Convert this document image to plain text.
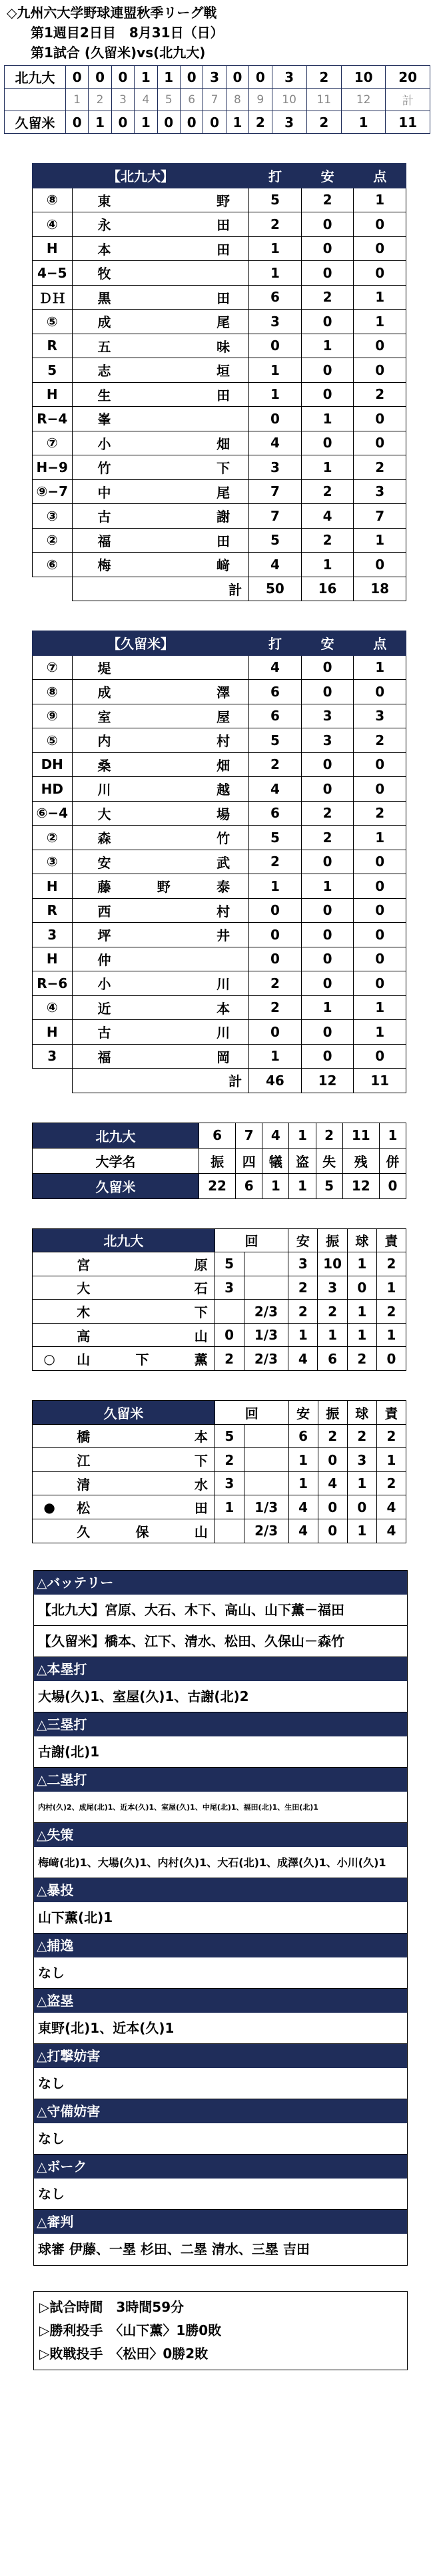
◇九州六大学野球連盟秋季リーグ戦
第1週目2日目　8月31日（日）
第1試合 (久留米)vs(北九大)
北九大	0	0	0	1	1	0	3	0	0	3	2	10	20
	1	2	3	4	5	6	7	8	9	10	11	12	計
久留米	0	1	0	1	0	0	0	1	2	3	2	1	11
【北九大】		打	安	点
⑧	東野	5	2	1
④	永田	2	0	0
H	本田	1	0	0
4−5	牧	1	0	0
ＤＨ	黒田	6	2	1
⑤	成尾	3	0	1
R	五味	0	1	0
5	志垣	1	0	0
H	生田	1	0	2
R−4	峯	0	1	0
⑦	小畑	4	0	0
H−9	竹下	3	1	2
⑨−7	中尾	7	2	3
③	古謝	7	4	7
②	福田	5	2	1
⑥	梅﨑	4	1	0
	計	50	16	18
【久留米】		打	安	点
⑦	堤	4	0	1
⑧	成澤	6	0	0
⑨	室屋	6	3	3
⑤	内村	5	3	2
DH	桑畑	2	0	0
HD	川越	4	0	0
⑥−4	大場	6	2	2
②	森竹	5	2	1
③	安武	2	0	0
H	藤野泰	1	1	0
R	西村	0	0	0
3	坪井	0	0	0
H	仲	0	0	0
R−6	小川	2	0	0
④	近本	2	1	1
H	古川	0	0	1
3	福岡	1	0	0
	計	46	12	11
北九大	6	7	4	1	2	11	1
大学名	振	四	犠	盗	失	残	併
久留米	22	6	1	1	5	12	0
北九大		回		安	振	球	責
	宮原	5		3	10	1	2
	大石	3		2	3	0	1
	木下		2/3	2	2	1	2
	高山	0	1/3	1	1	1	1
○	山下薫	2	2/3	4	6	2	0
久留米		回		安	振	球	責
	橋本	5		6	2	2	2
	江下	2		1	0	3	1
	清水	3		1	4	1	2
●	松田	1	1/3	4	0	0	4
	久保山		2/3	4	0	1	4
△バッテリー
【北九大】宮原、大石、木下、高山、山下薫－福田
【久留米】橋本、江下、清水、松田、久保山－森竹
△本塁打
大場(久)1、室屋(久)1、古謝(北)2
△三塁打
古謝(北)1
△二塁打
内村(久)2、成尾(北)1、近本(久)1、室屋(久)1、中尾(北)1、福田(北)1、生田(北)1
△失策
梅﨑(北)1、大場(久)1、内村(久)1、大石(北)1、成澤(久)1、小川(久)1
△暴投
山下薫(北)1
△捕逸
なし
△盗塁
東野(北)1、近本(久)1
△打撃妨害
なし
△守備妨害
なし
△ボーク
なし
△審判
球審 伊藤、一塁 杉田、二塁 清水、三塁 吉田
▷試合時間　3時間59分
▷勝利投手　〈山下薫〉1勝0敗
▷敗戦投手　〈松田〉0勝2敗
